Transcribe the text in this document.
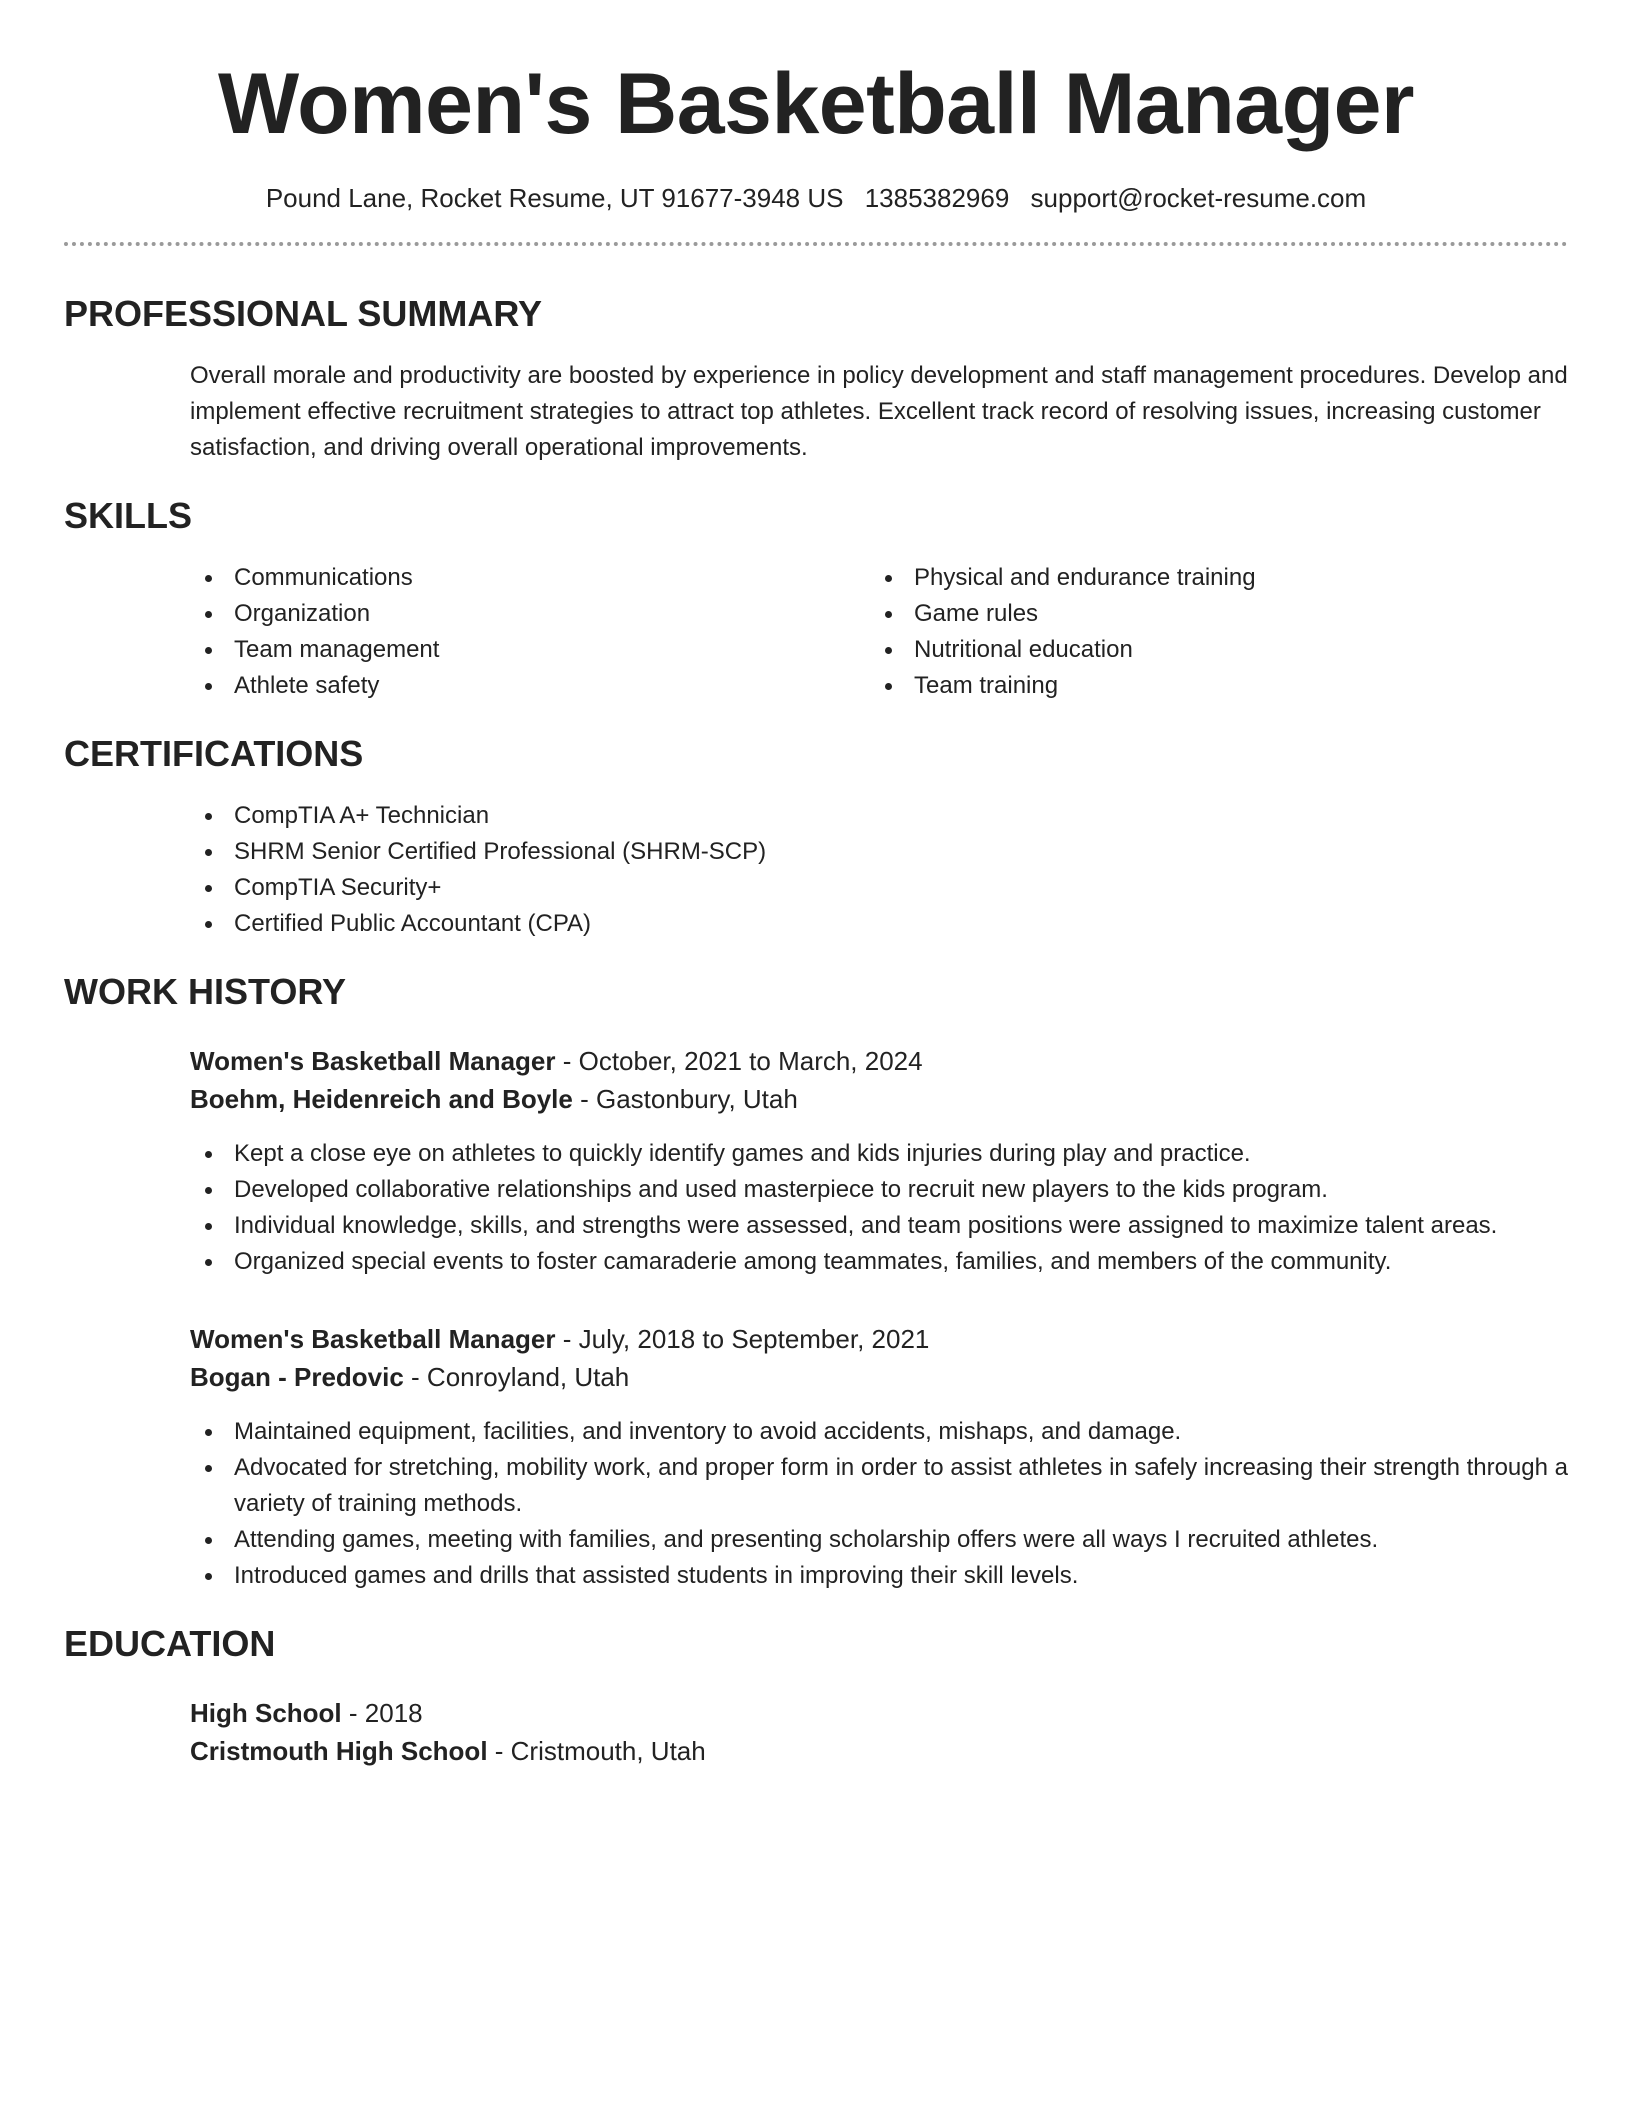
Women's Basketball Manager
Pound Lane, Rocket Resume, UT 91677-3948 US 1385382969 support@rocket-resume.com
PROFESSIONAL SUMMARY
Overall morale and productivity are boosted by experience in policy development and staff management procedures. Develop and implement effective recruitment strategies to attract top athletes. Excellent track record of resolving issues, increasing customer satisfaction, and driving overall operational improvements.
SKILLS
Communications
Organization
Team management
Athlete safety
Physical and endurance training
Game rules
Nutritional education
Team training
CERTIFICATIONS
CompTIA A+ Technician
SHRM Senior Certified Professional (SHRM-SCP)
CompTIA Security+
Certified Public Accountant (CPA)
WORK HISTORY
Women's Basketball Manager - October, 2021 to March, 2024
Boehm, Heidenreich and Boyle - Gastonbury, Utah
Kept a close eye on athletes to quickly identify games and kids injuries during play and practice.
Developed collaborative relationships and used masterpiece to recruit new players to the kids program.
Individual knowledge, skills, and strengths were assessed, and team positions were assigned to maximize talent areas.
Organized special events to foster camaraderie among teammates, families, and members of the community.
Women's Basketball Manager - July, 2018 to September, 2021
Bogan - Predovic - Conroyland, Utah
Maintained equipment, facilities, and inventory to avoid accidents, mishaps, and damage.
Advocated for stretching, mobility work, and proper form in order to assist athletes in safely increasing their strength through a variety of training methods.
Attending games, meeting with families, and presenting scholarship offers were all ways I recruited athletes.
Introduced games and drills that assisted students in improving their skill levels.
EDUCATION
High School - 2018
Cristmouth High School - Cristmouth, Utah
